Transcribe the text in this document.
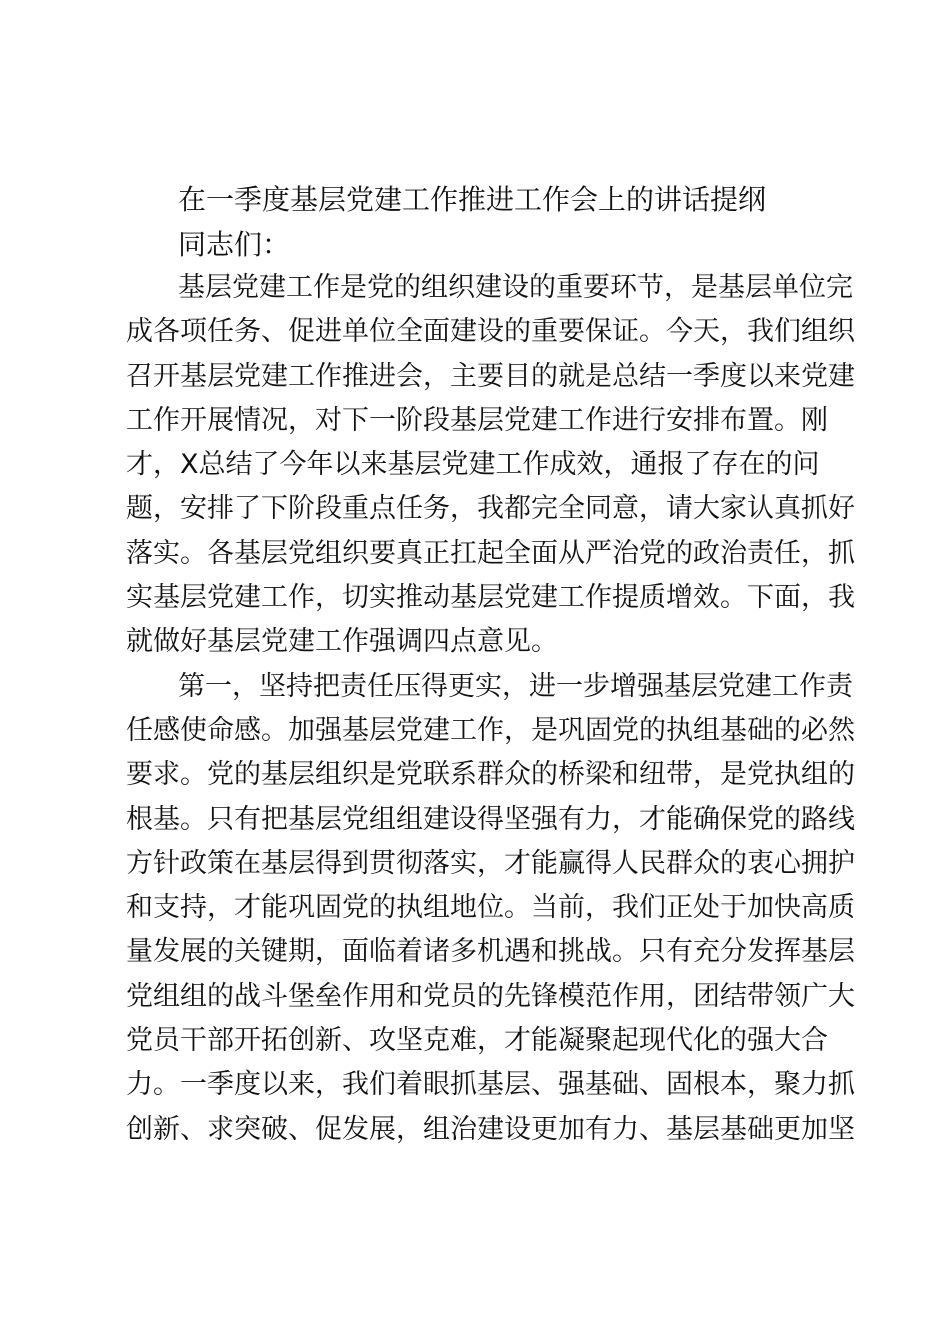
在一季度基层党建工作推进工作会上的讲话提纲
同志们：
基层党建工作是党的组织建设的重要环节，是基层单位完
成各项任务、促进单位全面建设的重要保证。今天，我们组织
召开基层党建工作推进会，主要目的就是总结一季度以来党建
工作开展情况，对下一阶段基层党建工作进行安排布置。刚
才，X总结了今年以来基层党建工作成效，通报了存在的问
题，安排了下阶段重点任务，我都完全同意，请大家认真抓好
落实。各基层党组织要真正扛起全面从严治党的政治责任，抓
实基层党建工作，切实推动基层党建工作提质增效。下面，我
就做好基层党建工作强调四点意见。
第一，坚持把责任压得更实，进一步增强基层党建工作责
任感使命感。加强基层党建工作，是巩固党的执组基础的必然
要求。党的基层组织是党联系群众的桥梁和纽带，是党执组的
根基。只有把基层党组组建设得坚强有力，才能确保党的路线
方针政策在基层得到贯彻落实，才能赢得人民群众的衷心拥护
和支持，才能巩固党的执组地位。当前，我们正处于加快高质
量发展的关键期，面临着诸多机遇和挑战。只有充分发挥基层
党组组的战斗堡垒作用和党员的先锋模范作用，团结带领广大
党员干部开拓创新、攻坚克难，才能凝聚起现代化的强大合
力。一季度以来，我们着眼抓基层、强基础、固根本，聚力抓
创新、求突破、促发展，组治建设更加有力、基层基础更加坚
